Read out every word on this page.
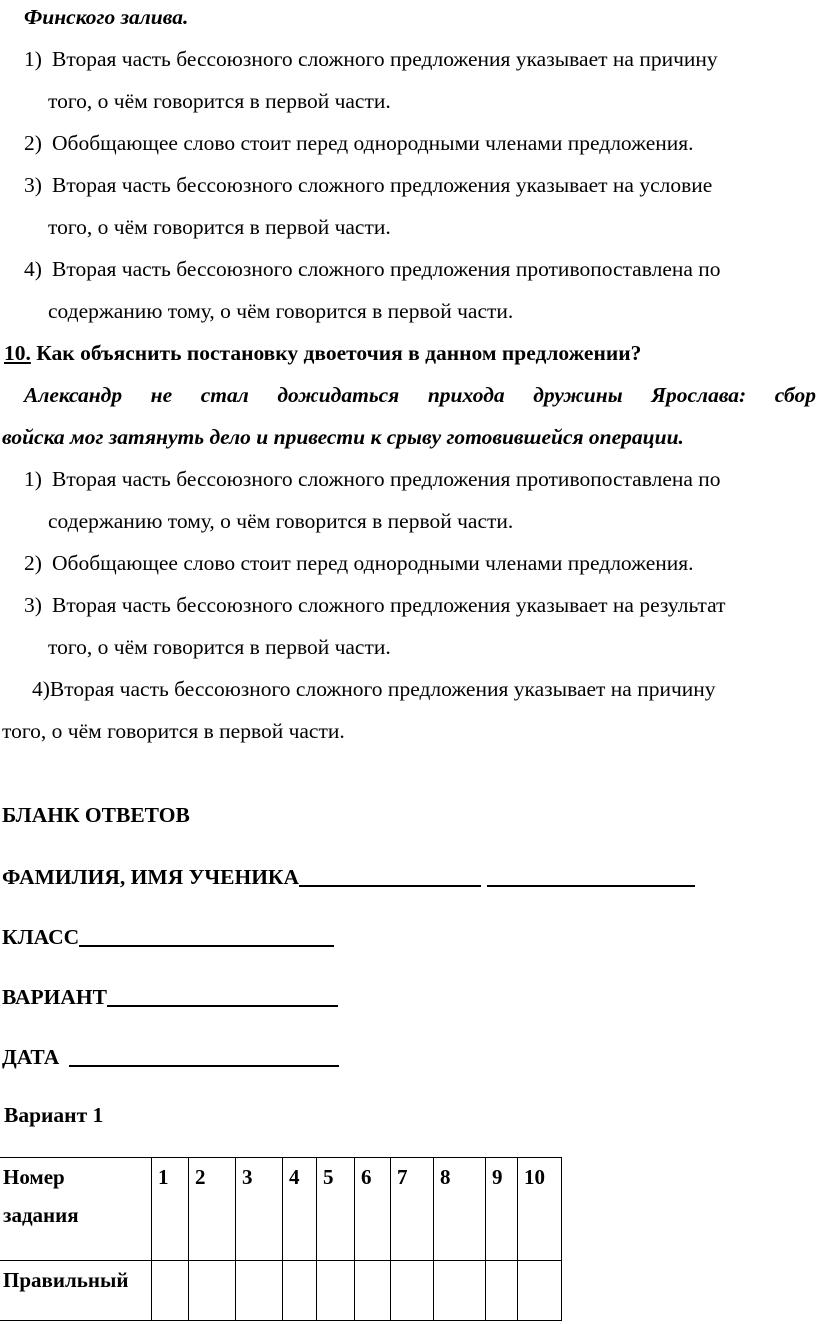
Финского залива.
1) Вторая часть бессоюзного сложного предложения указывает на причину
того, о чём говорится в первой части.
2) Обобщающее слово стоит перед однородными членами предложения.
3) Вторая часть бессоюзного сложного предложения указывает на условие
того, о чём говорится в первой части.
4) Вторая часть бессоюзного сложного предложения противопоставлена по
содержанию тому, о чём говорится в первой части.
10. Как объяснить постановку двоеточия в данном предложении?
Александр не стал дожидаться прихода дружины Ярослава: сбор
войска мог затянуть дело и привести к срыву готовившейся операции.
1) Вторая часть бессоюзного сложного предложения противопоставлена по
содержанию тому, о чём говорится в первой части.
2) Обобщающее слово стоит перед однородными членами предложения.
3) Вторая часть бессоюзного сложного предложения указывает на результат
того, о чём говорится в первой части.
4)Вторая часть бессоюзного сложного предложения указывает на причину
того, о чём говорится в первой части.
БЛАНК ОТВЕТОВ
ФАМИЛИЯ, ИМЯ УЧЕНИКА
КЛАСС
ВАРИАНТ
ДАТА
Вариант 1
Номер
задания	1	2	3	4	5	6	7	8	9	10
Правильный										
